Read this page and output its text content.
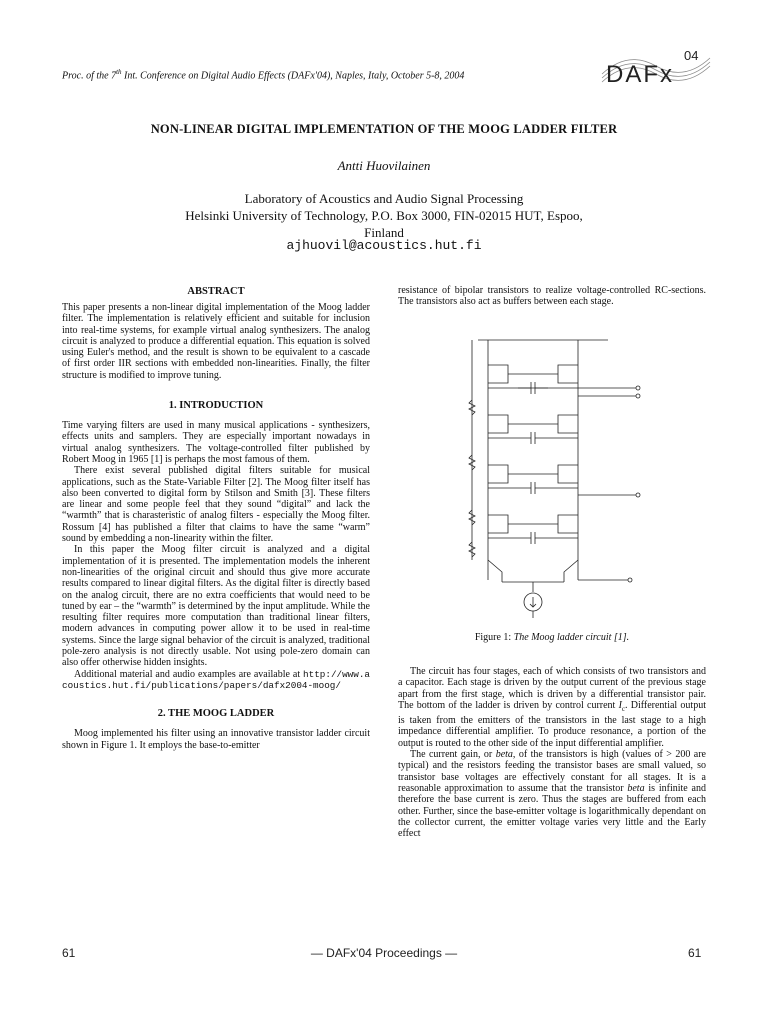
Proc. of the 7th Int. Conference on Digital Audio Effects (DAFx'04), Naples, Italy, October 5-8, 2004	DAFx
04
NON-LINEAR DIGITAL IMPLEMENTATION OF THE MOOG LADDER FILTER
Antti Huovilainen
Laboratory of Acoustics and Audio Signal Processing
Helsinki University of Technology, P.O. Box 3000, FIN-02015 HUT, Espoo,
Finland
ajhuovil@acoustics.hut.fi

ABSTRACT

This paper presents a non-linear digital implementation of the Moog ladder filter. The implementation is relatively efficient and suitable for inclusion into real-time systems, for example virtual analog synthesizers. The analog circuit is analyzed to produce a differential equation. This equation is solved using Euler's method, and the result is shown to be equivalent to a cascade of first order IIR sections with embedded non-linearities. Finally, the filter structure is modified to improve tuning.

1. INTRODUCTION

Time varying filters are used in many musical applications - synthesizers, effects units and samplers. They are especially important nowadays in virtual analog synthesizers. The voltage-controlled filter published by Robert Moog in 1965 [1] is perhaps the most famous of them.

There exist several published digital filters suitable for musical applications, such as the State-Variable Filter [2]. The Moog filter itself has also been converted to digital form by Stilson and Smith [3]. These filters are linear and some people feel that they sound “digital” and lack the “warmth” that is charasteristic of analog filters - especially the Moog filter. Rossum [4] has published a filter that claims to have the same “warm” sound by embedding a non-linearity within the filter.

In this paper the Moog filter circuit is analyzed and a digital implementation of it is presented. The implementation models the inherent non-linearities of the original circuit and should thus give more accurate results compared to linear digital filters. As the digital filter is directly based on the analog circuit, there are no extra coefficients that would need to be tuned by ear – the “warmth” is determined by the input amplitude. While the resulting filter requires more computation than traditional linear filters, modern advances in computing power allow it to be used in real-time systems. Since the large signal behavior of the circuit is analyzed, traditional pole-zero analysis is not directly usable. Not using pole-zero domain can also offer otherwise hidden insights.

Additional material and audio examples are available at http://www.acoustics.hut.fi/publications/papers/dafx2004-moog/

2. THE MOOG LADDER

Moog implemented his filter using an innovative transistor ladder circuit shown in Figure 1. It employs the base-to-emitter

resistance of bipolar transistors to realize voltage-controlled RC-sections. The transistors also act as buffers between each stage.

Figure 1: The Moog ladder circuit [1].

The circuit has four stages, each of which consists of two transistors and a capacitor. Each stage is driven by the output current of the previous stage apart from the first stage, which is driven by a differential transistor pair. The bottom of the ladder is driven by control current $I_c$. Differential output is taken from the emitters of the transistors in the last stage to a high impedance differential amplifier. To produce resonance, a portion of the output is routed to the other side of the input differential amplifier.

The current gain, or beta, of the transistors is high (values of > 200 are typical) and the resistors feeding the transistor bases are small valued, so transistor base voltages are effectively constant for all stages. It is a reasonable approximation to assume that the transistor beta is infinite and therefore the base current is zero. Thus the stages are buffered from each other. Further, since the base-emitter voltage is logarithmically dependant on the collector current, the emitter voltage varies very little and the Early effect

— DAFx'04 Proceedings —
61	61
